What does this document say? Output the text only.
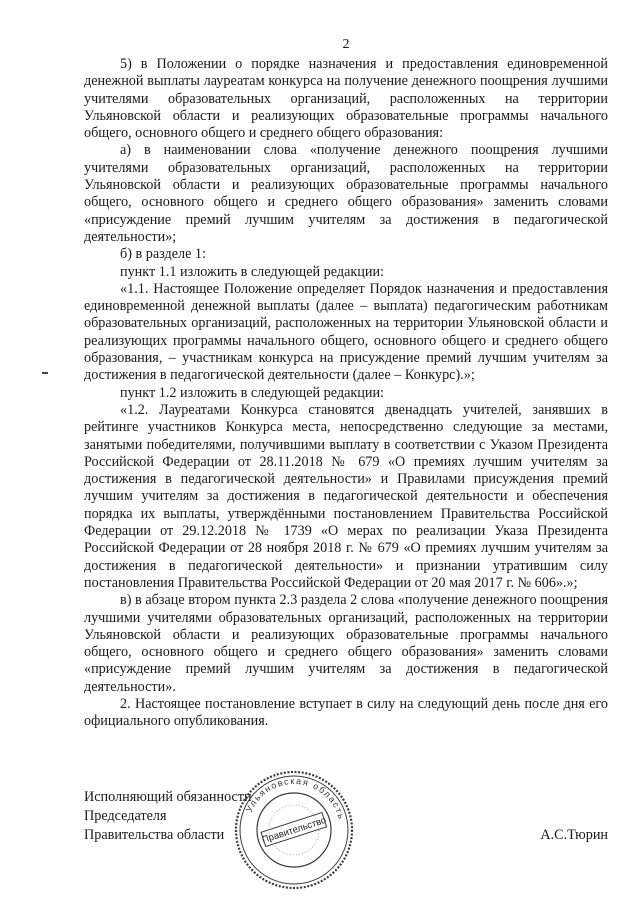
2

5) в Положении о порядке назначения и предоставления единовременной денежной выплаты лауреатам конкурса на получение денежного поощрения лучшими учителями образовательных организаций, расположенных на территории Ульяновской области и реализующих образовательные программы начального общего, основного общего и среднего общего образования:

а) в наименовании слова «получение денежного поощрения лучшими учителями образовательных организаций, расположенных на территории Ульяновской области и реализующих образовательные программы начального общего, основного общего и среднего общего образования» заменить словами «присуждение премий лучшим учителям за достижения в педагогической деятельности»;

б) в разделе 1:

пункт 1.1 изложить в следующей редакции:

«1.1. Настоящее Положение определяет Порядок назначения и предоставления единовременной денежной выплаты (далее – выплата) педагогическим работникам образовательных организаций, расположенных на территории Ульяновской области и реализующих программы начального общего, основного общего и среднего общего образования, – участникам конкурса на присуждение премий лучшим учителям за достижения в педагогической деятельности (далее – Конкурс).»;

пункт 1.2 изложить в следующей редакции:

«1.2. Лауреатами Конкурса становятся двенадцать учителей, занявших в рейтинге участников Конкурса места, непосредственно следующие за местами, занятыми победителями, получившими выплату в соответствии с Указом Президента Российской Федерации от 28.11.2018 № 679 «О премиях лучшим учителям за достижения в педагогической деятельности» и Правилами присуждения премий лучшим учителям за достижения в педагогической деятельности и обеспечения порядка их выплаты, утверждёнными постановлением Правительства Российской Федерации от 29.12.2018 № 1739 «О мерах по реализации Указа Президента Российской Федерации от 28 ноября 2018 г. № 679 «О премиях лучшим учителям за достижения в педагогической деятельности» и признании утратившим силу постановления Правительства Российской Федерации от 20 мая 2017 г. № 606».»;

в) в абзаце втором пункта 2.3 раздела 2 слова «получение денежного поощрения лучшими учителями образовательных организаций, расположенных на территории Ульяновской области и реализующих образовательные программы начального общего, основного общего и среднего общего образования» заменить словами «присуждение премий лучшим учителям за достижения в педагогической деятельности».

2. Настоящее постановление вступает в силу на следующий день после дня его официального опубликования.

Исполняющий обязанности

Председателя

Правительства области	А.С.Тюрин
Ульяновская область
Правительство
